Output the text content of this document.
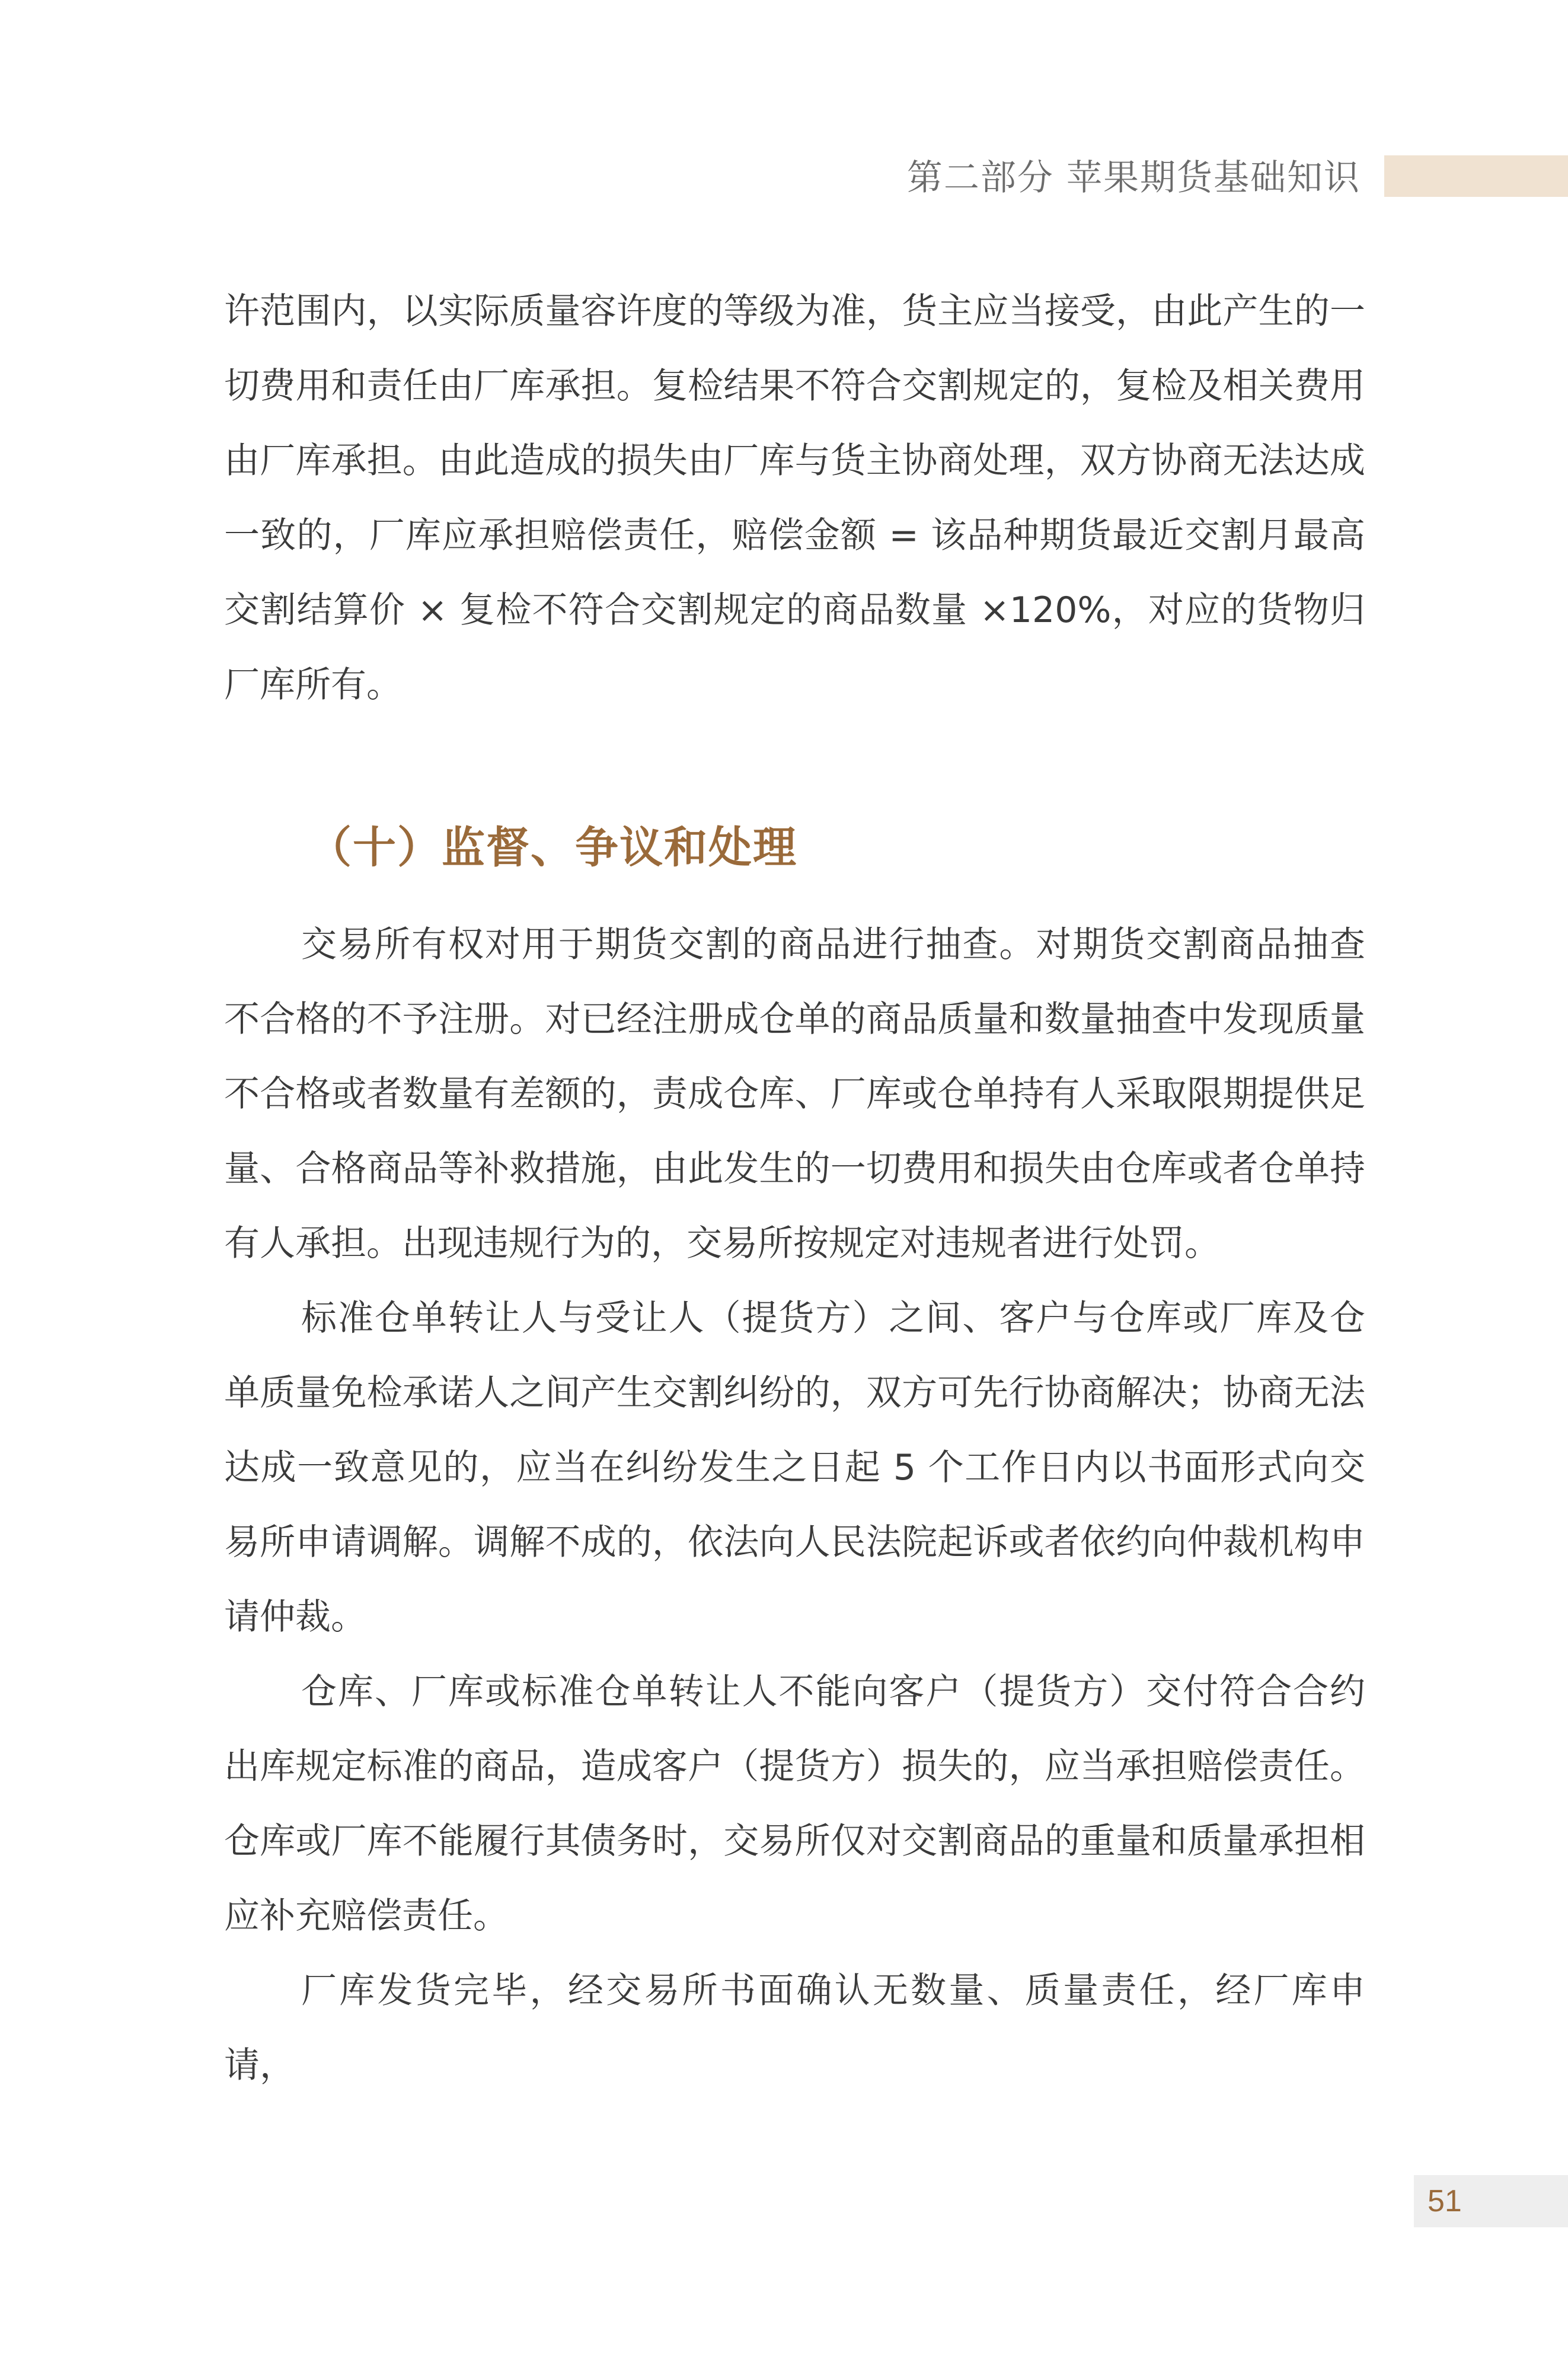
第二部分 苹果期货基础知识

许范围内，以实际质量容许度的等级为准，货主应当接受，由此产生的一切费用和责任由厂库承担。复检结果不符合交割规定的，复检及相关费用由厂库承担。由此造成的损失由厂库与货主协商处理，双方协商无法达成一致的，厂库应承担赔偿责任，赔偿金额 = 该品种期货最近交割月最高交割结算价 × 复检不符合交割规定的商品数量 ×120%，对应的货物归厂库所有。

（十）监督、争议和处理

交易所有权对用于期货交割的商品进行抽查。对期货交割商品抽查不合格的不予注册。对已经注册成仓单的商品质量和数量抽查中发现质量不合格或者数量有差额的，责成仓库、厂库或仓单持有人采取限期提供足量、合格商品等补救措施，由此发生的一切费用和损失由仓库或者仓单持有人承担。出现违规行为的，交易所按规定对违规者进行处罚。

标准仓单转让人与受让人（提货方）之间、客户与仓库或厂库及仓单质量免检承诺人之间产生交割纠纷的，双方可先行协商解决；协商无法达成一致意见的，应当在纠纷发生之日起 5 个工作日内以书面形式向交易所申请调解。调解不成的，依法向人民法院起诉或者依约向仲裁机构申请仲裁。

仓库、厂库或标准仓单转让人不能向客户（提货方）交付符合合约出库规定标准的商品，造成客户（提货方）损失的，应当承担赔偿责任。仓库或厂库不能履行其债务时，交易所仅对交割商品的重量和质量承担相应补充赔偿责任。

厂库发货完毕，经交易所书面确认无数量、质量责任，经厂库申请，

51
